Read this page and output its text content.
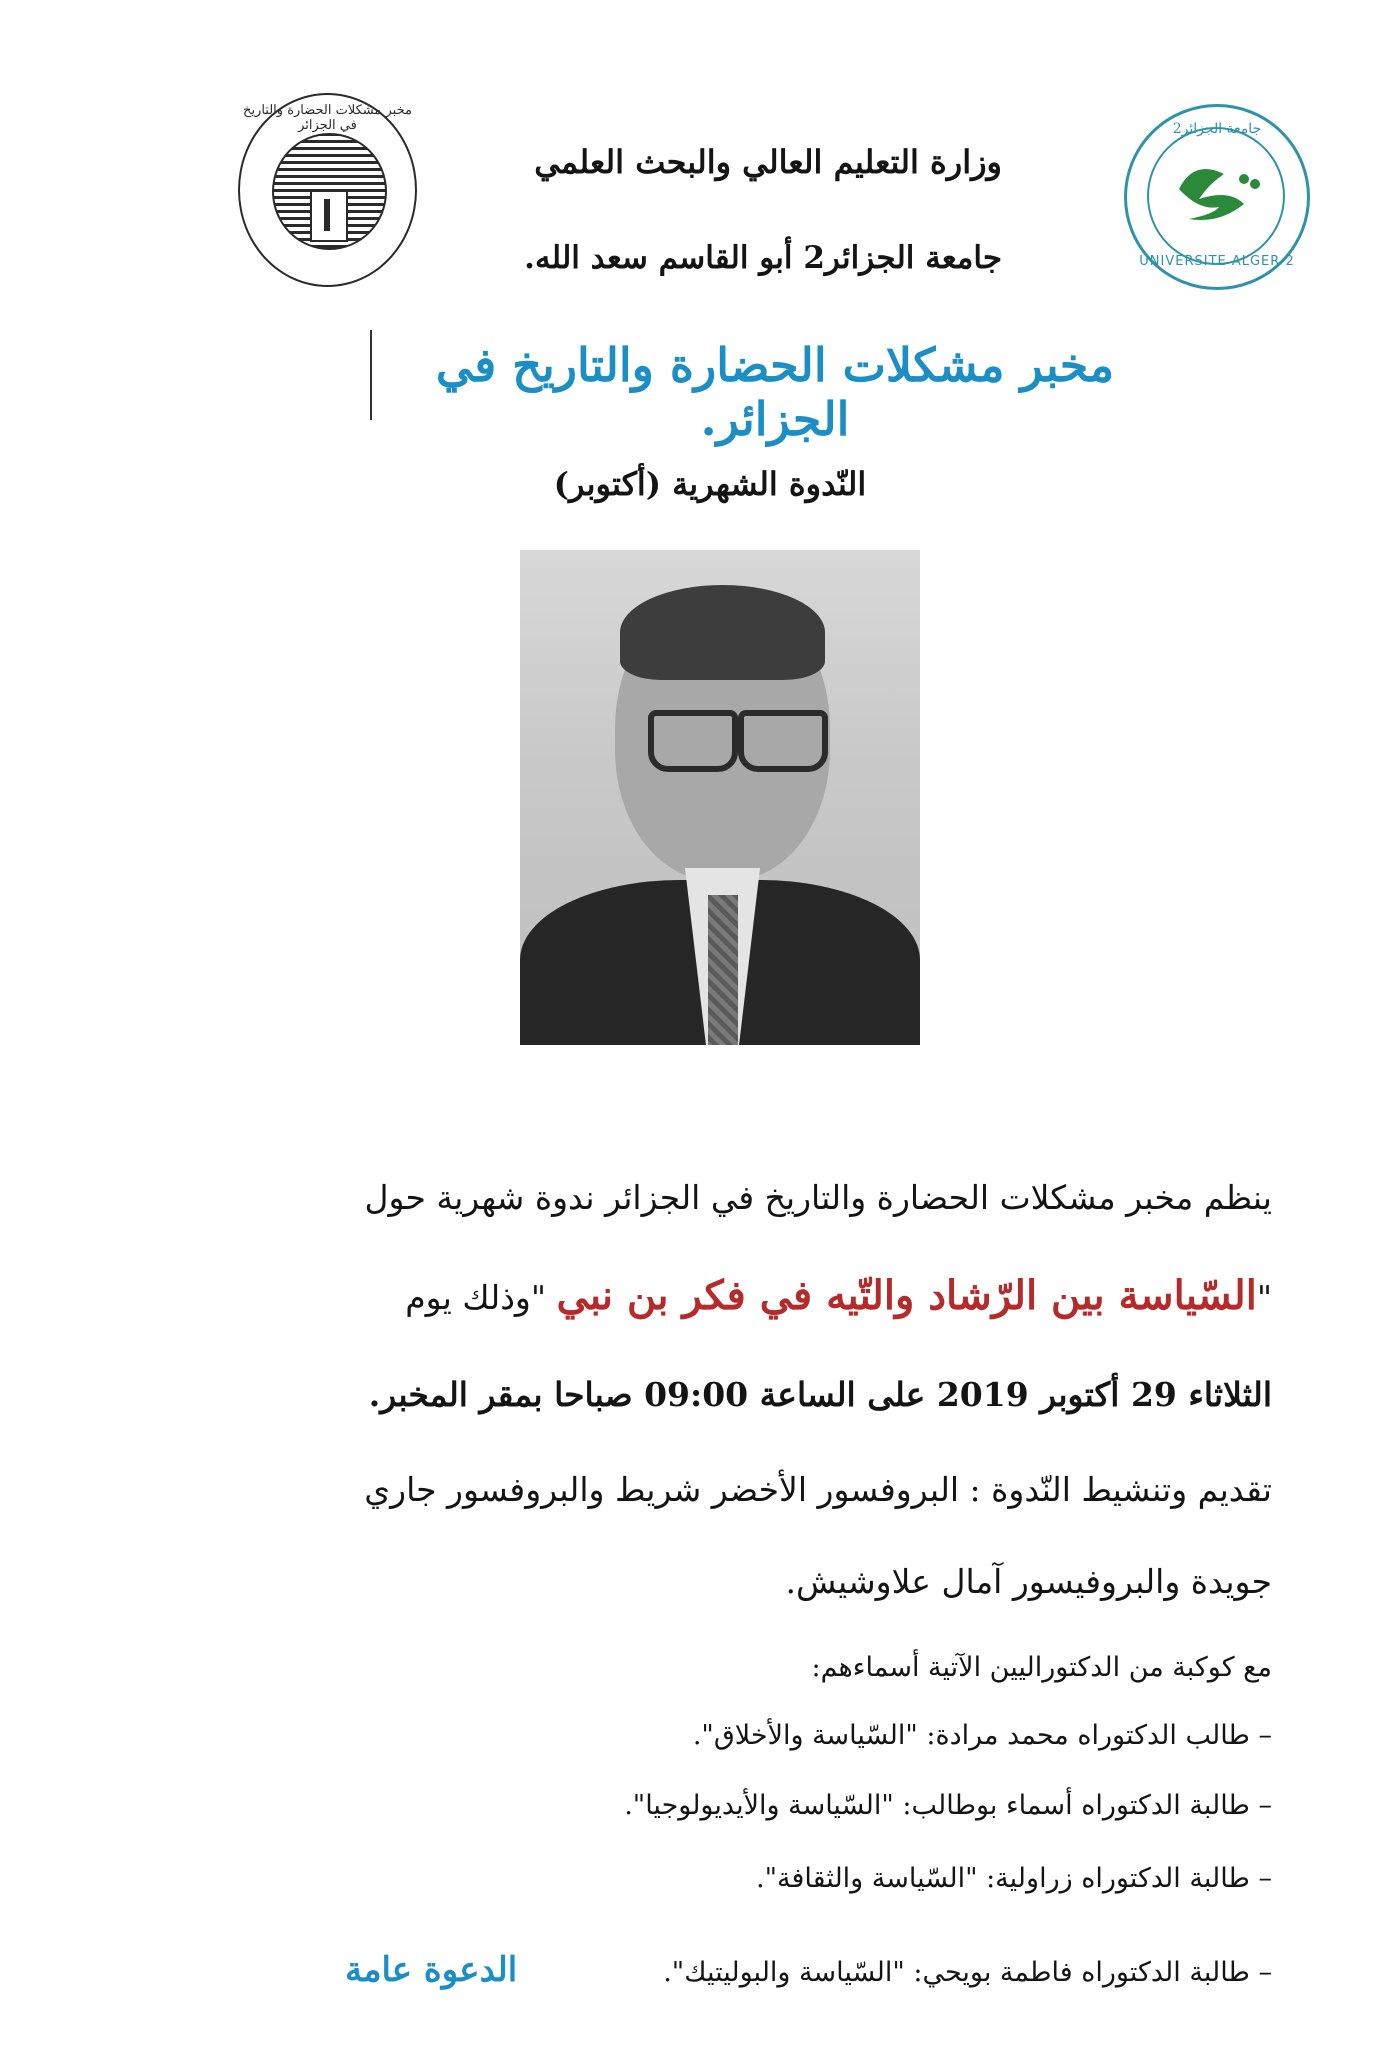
مخبر مشكلات الحضارة والتاريخ في الجزائر	جامعة الجزائر2
UNIVERSITE ALGER 2
وزارة التعليم العالي والبحث العلمي
جامعة الجزائر2 أبو القاسم سعد الله.
مخبر مشكلات الحضارة والتاريخ في الجزائر.
النّدوة الشهرية (أكتوبر)
ينظم مخبر مشكلات الحضارة والتاريخ في الجزائر ندوة شهرية حول
"السّياسة بين الرّشاد والتّيه في فكر بن نبي "وذلك يوم
الثلاثاء 29 أكتوبر 2019 على الساعة 09:00 صباحا بمقر المخبر.
تقديم وتنشيط النّدوة : البروفسور الأخضر شريط والبروفسور جاري
جويدة والبروفيسور آمال علاوشيش.
مع كوكبة من الدكتوراليين الآتية أسماءهم:
– طالب الدكتوراه محمد مرادة: "السّياسة والأخلاق".
– طالبة الدكتوراه أسماء بوطالب: "السّياسة والأيديولوجيا".
– طالبة الدكتوراه زراولية: "السّياسة والثقافة".
– طالبة الدكتوراه فاطمة بويحي: "السّياسة والبوليتيك".
الدعوة عامة
